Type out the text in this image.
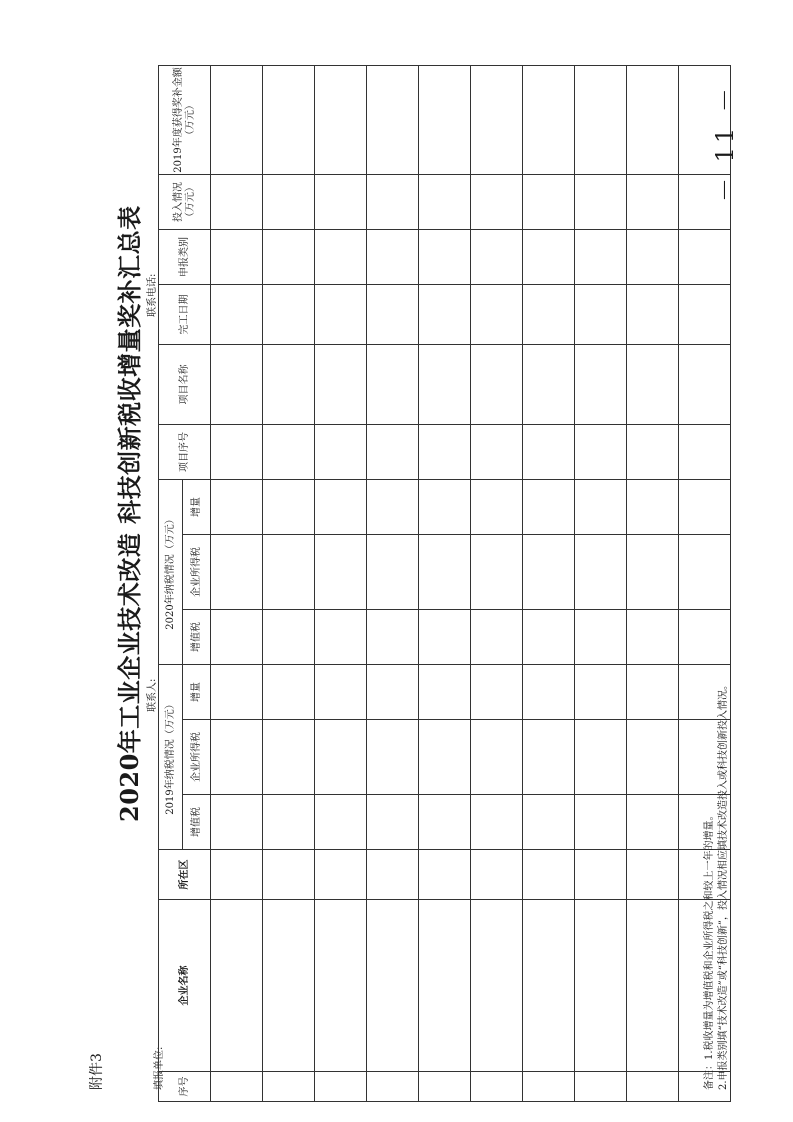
附件3
2020年工业企业技术改造 科技创新税收增量奖补汇总表
填报单位:
联系人:
联系电话:
序号	企业名称	所在区	2019年纳税情况（万元）			2020年纳税情况（万元）			项目序号	项目名称	完工日期	申报类别	投入情况（万元）	2019年度获得奖补金额（万元）
			增值税	企业所得税	增量	增值税	企业所得税	增量						

备注：1.税收增量为增值税和企业所得税之和较上一年的增量。 2.申报类别填“技术改造”或“科技创新”，投入情况相应填技术改造投入或科技创新投入情况。
－ 11 －
